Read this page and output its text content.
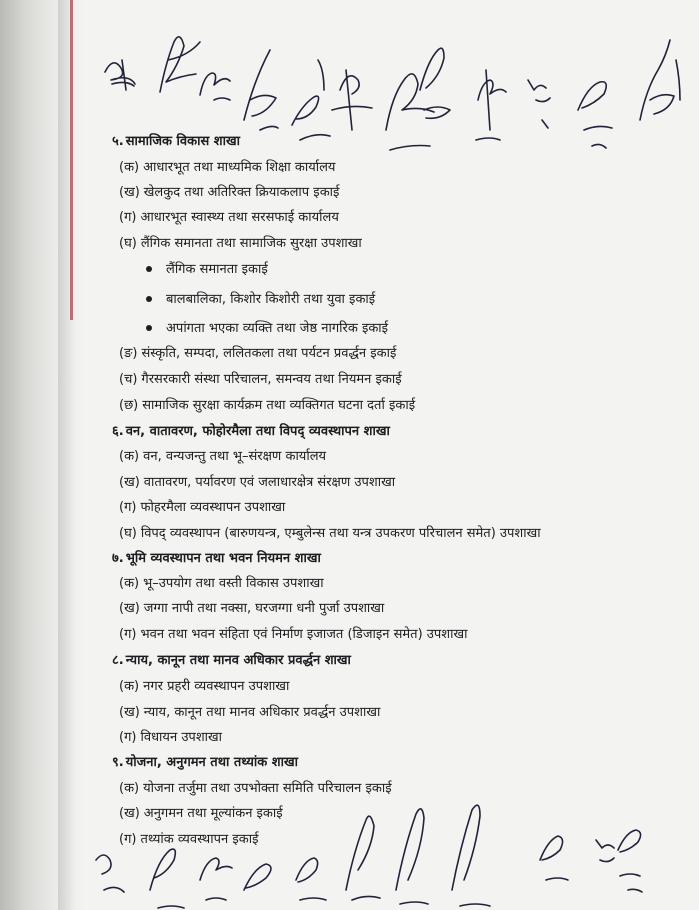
५. सामाजिक विकास शाखा
(क) आधारभूत तथा माध्यमिक शिक्षा कार्यालय
(ख) खेलकुद तथा अतिरिक्त क्रियाकलाप इकाई
(ग) आधारभूत स्वास्थ्य तथा सरसफाई कार्यालय
(घ) लैंगिक समानता तथा सामाजिक सुरक्षा उपशाखा
लैंगिक समानता इकाई
बालबालिका, किशोर किशोरी तथा युवा इकाई
अपांगता भएका व्यक्ति तथा जेष्ठ नागरिक इकाई
(ङ) संस्कृति, सम्पदा, ललितकला तथा पर्यटन प्रवर्द्धन इकाई
(च) गैरसरकारी संस्था परिचालन, समन्वय तथा नियमन इकाई
(छ) सामाजिक सुरक्षा कार्यक्रम तथा व्यक्तिगत घटना दर्ता इकाई
६. वन, वातावरण, फोहोरमैला तथा विपद् व्यवस्थापन शाखा
(क) वन, वन्यजन्तु तथा भू–संरक्षण कार्यालय
(ख) वातावरण, पर्यावरण एवं जलाधारक्षेत्र संरक्षण उपशाखा
(ग) फोहरमैला व्यवस्थापन उपशाखा
(घ) विपद् व्यवस्थापन (बारुणयन्त्र, एम्बुलेन्स तथा यन्त्र उपकरण परिचालन समेत) उपशाखा
७. भूमि व्यवस्थापन तथा भवन नियमन शाखा
(क) भू–उपयोग तथा वस्ती विकास उपशाखा
(ख) जग्गा नापी तथा नक्सा, घरजग्गा धनी पुर्जा उपशाखा
(ग) भवन तथा भवन संहिता एवं निर्माण इजाजत (डिजाइन समेत) उपशाखा
८. न्याय, कानून तथा मानव अधिकार प्रवर्द्धन शाखा
(क) नगर प्रहरी व्यवस्थापन उपशाखा
(ख) न्याय, कानून तथा मानव अधिकार प्रवर्द्धन उपशाखा
(ग) विधायन उपशाखा
९. योजना, अनुगमन तथा तथ्यांक शाखा
(क) योजना तर्जुमा तथा उपभोक्ता समिति परिचालन इकाई
(ख) अनुगमन तथा मूल्यांकन इकाई
(ग) तथ्यांक व्यवस्थापन इकाई
